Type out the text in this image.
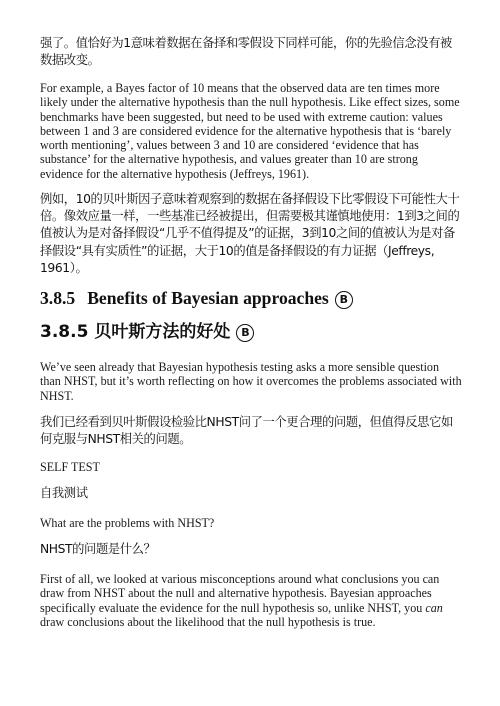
强了。值恰好为1意味着数据在备择和零假设下同样可能，你的先验信念没有被数据改变。

For example, a Bayes factor of 10 means that the observed data are ten times more likely under the alternative hypothesis than the null hypothesis. Like effect sizes, some benchmarks have been suggested, but need to be used with extreme caution: values between 1 and 3 are considered evidence for the alternative hypothesis that is ‘barely worth mentioning’, values between 3 and 10 are considered ‘evidence that has substance’ for the alternative hypothesis, and values greater than 10 are strong evidence for the alternative hypothesis (Jeffreys, 1961).

例如，10的贝叶斯因子意味着观察到的数据在备择假设下比零假设下可能性大十倍。像效应量一样，一些基准已经被提出，但需要极其谨慎地使用：1到3之间的值被认为是对备择假设“几乎不值得提及”的证据，3到10之间的值被认为是对备择假设“具有实质性”的证据，大于10的值是备择假设的有力证据（Jeffreys, 1961）。

3.8.5 Benefits of Bayesian approaches B
3.8.5 贝叶斯方法的好处 B

We’ve seen already that Bayesian hypothesis testing asks a more sensible question than NHST, but it’s worth reflecting on how it overcomes the problems associated with NHST.

我们已经看到贝叶斯假设检验比NHST问了一个更合理的问题，但值得反思它如何克服与NHST相关的问题。

SELF TEST

自我测试

What are the problems with NHST?

NHST的问题是什么？

First of all, we looked at various misconceptions around what conclusions you can draw from NHST about the null and alternative hypothesis. Bayesian approaches specifically evaluate the evidence for the null hypothesis so, unlike NHST, you can draw conclusions about the likelihood that the null hypothesis is true.
